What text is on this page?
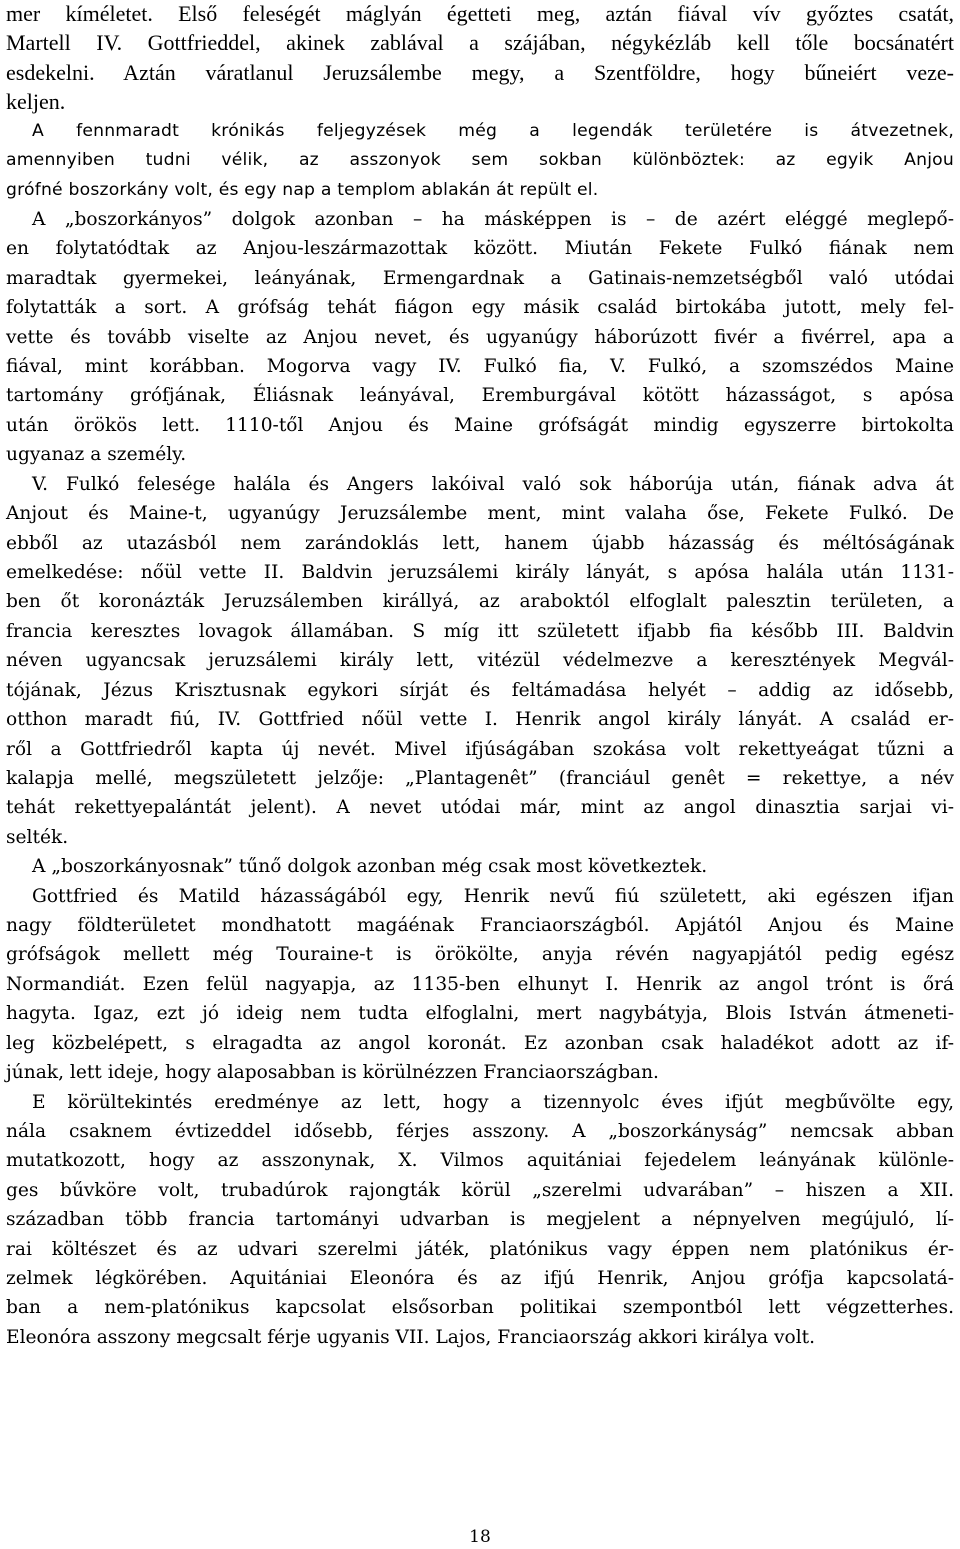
mer kíméletet. Első feleségét máglyán égetteti meg, aztán fiával vív győztes csatát,
Martell IV. Gottfrieddel, akinek zablával a szájában, négykézláb kell tőle bocsánatért
esdekelni. Aztán váratlanul Jeruzsálembe megy, a Szentföldre, hogy bűneiért veze-
keljen.
A fennmaradt krónikás feljegyzések még a legendák területére is átvezetnek,
amennyiben tudni vélik, az asszonyok sem sokban különböztek: az egyik Anjou
grófné boszorkány volt, és egy nap a templom ablakán át repült el.
A „boszorkányos” dolgok azonban – ha másképpen is – de azért eléggé meglepő-
en folytatódtak az Anjou-leszármazottak között. Miután Fekete Fulkó fiának nem
maradtak gyermekei, leányának, Ermengardnak a Gatinais-nemzetségből való utódai
folytatták a sort. A grófság tehát fiágon egy másik család birtokába jutott, mely fel-
vette és tovább viselte az Anjou nevet, és ugyanúgy háborúzott fivér a fivérrel, apa a
fiával, mint korábban. Mogorva vagy IV. Fulkó fia, V. Fulkó, a szomszédos Maine
tartomány grófjának, Éliásnak leányával, Eremburgával kötött házasságot, s apósa
után örökös lett. 1110-től Anjou és Maine grófságát mindig egyszerre birtokolta
ugyanaz a személy.
V. Fulkó felesége halála és Angers lakóival való sok háborúja után, fiának adva át
Anjout és Maine-t, ugyanúgy Jeruzsálembe ment, mint valaha őse, Fekete Fulkó. De
ebből az utazásból nem zarándoklás lett, hanem újabb házasság és méltóságának
emelkedése: nőül vette II. Baldvin jeruzsálemi király lányát, s apósa halála után 1131-
ben őt koronázták Jeruzsálemben királlyá, az araboktól elfoglalt palesztin területen, a
francia keresztes lovagok államában. S míg itt született ifjabb fia később III. Baldvin
néven ugyancsak jeruzsálemi király lett, vitézül védelmezve a keresztények Megvál-
tójának, Jézus Krisztusnak egykori sírját és feltámadása helyét – addig az idősebb,
otthon maradt fiú, IV. Gottfried nőül vette I. Henrik angol király lányát. A család er-
ről a Gottfriedről kapta új nevét. Mivel ifjúságában szokása volt rekettyeágat tűzni a
kalapja mellé, megszületett jelzője: „Plantagenêt” (franciául genêt = rekettye, a név
tehát rekettyepalántát jelent). A nevet utódai már, mint az angol dinasztia sarjai vi-
selték.
A „boszorkányosnak” tűnő dolgok azonban még csak most következtek.
Gottfried és Matild házasságából egy, Henrik nevű fiú született, aki egészen ifjan
nagy földterületet mondhatott magáénak Franciaországból. Apjától Anjou és Maine
grófságok mellett még Touraine-t is örökölte, anyja révén nagyapjától pedig egész
Normandiát. Ezen felül nagyapja, az 1135-ben elhunyt I. Henrik az angol trónt is őrá
hagyta. Igaz, ezt jó ideig nem tudta elfoglalni, mert nagybátyja, Blois István átmeneti-
leg közbelépett, s elragadta az angol koronát. Ez azonban csak haladékot adott az if-
júnak, lett ideje, hogy alaposabban is körülnézzen Franciaországban.
E körültekintés eredménye az lett, hogy a tizennyolc éves ifjút megbűvölte egy,
nála csaknem évtizeddel idősebb, férjes asszony. A „boszorkányság” nemcsak abban
mutatkozott, hogy az asszonynak, X. Vilmos aquitániai fejedelem leányának különle-
ges bűvköre volt, trubadúrok rajongták körül „szerelmi udvarában” – hiszen a XII.
században több francia tartományi udvarban is megjelent a népnyelven megújuló, lí-
rai költészet és az udvari szerelmi játék, platónikus vagy éppen nem platónikus ér-
zelmek légkörében. Aquitániai Eleonóra és az ifjú Henrik, Anjou grófja kapcsolatá-
ban a nem-platónikus kapcsolat elsősorban politikai szempontból lett végzetterhes.
Eleonóra asszony megcsalt férje ugyanis VII. Lajos, Franciaország akkori királya volt.
18
